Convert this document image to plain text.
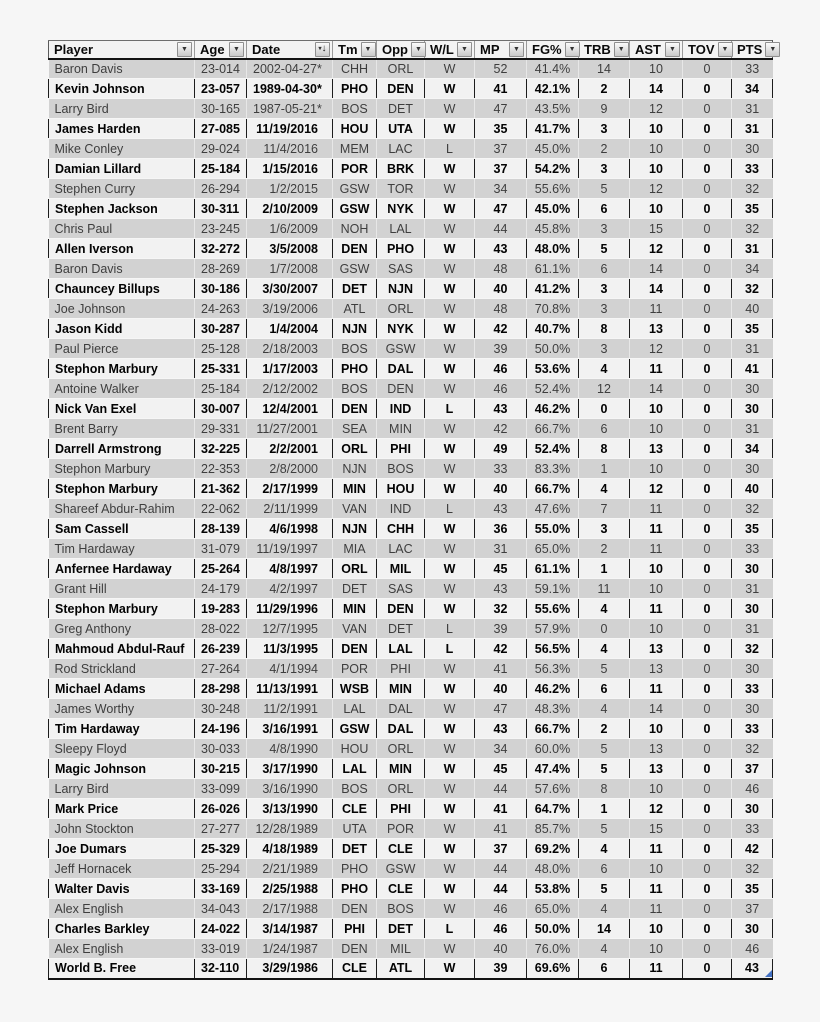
Player ▼	Age ▼	Date ▾ ↓	Tm ▼	Opp ▼	W/L ▼	MP ▼	FG% ▼	TRB ▼	AST ▼	TOV ▼	PTS ▼

Baron Davis	23-014	2002-04-27*	CHH	ORL	W	52	41.4%	14	10	0	33
Kevin Johnson	23-057	1989-04-30*	PHO	DEN	W	41	42.1%	2	14	0	34
Larry Bird	30-165	1987-05-21*	BOS	DET	W	47	43.5%	9	12	0	31
James Harden	27-085	11/19/2016	HOU	UTA	W	35	41.7%	3	10	0	31
Mike Conley	29-024	11/4/2016	MEM	LAC	L	37	45.0%	2	10	0	30
Damian Lillard	25-184	1/15/2016	POR	BRK	W	37	54.2%	3	10	0	33
Stephen Curry	26-294	1/2/2015	GSW	TOR	W	34	55.6%	5	12	0	32
Stephen Jackson	30-311	2/10/2009	GSW	NYK	W	47	45.0%	6	10	0	35
Chris Paul	23-245	1/6/2009	NOH	LAL	W	44	45.8%	3	15	0	32
Allen Iverson	32-272	3/5/2008	DEN	PHO	W	43	48.0%	5	12	0	31
Baron Davis	28-269	1/7/2008	GSW	SAS	W	48	61.1%	6	14	0	34
Chauncey Billups	30-186	3/30/2007	DET	NJN	W	40	41.2%	3	14	0	32
Joe Johnson	24-263	3/19/2006	ATL	ORL	W	48	70.8%	3	11	0	40
Jason Kidd	30-287	1/4/2004	NJN	NYK	W	42	40.7%	8	13	0	35
Paul Pierce	25-128	2/18/2003	BOS	GSW	W	39	50.0%	3	12	0	31
Stephon Marbury	25-331	1/17/2003	PHO	DAL	W	46	53.6%	4	11	0	41
Antoine Walker	25-184	2/12/2002	BOS	DEN	W	46	52.4%	12	14	0	30
Nick Van Exel	30-007	12/4/2001	DEN	IND	L	43	46.2%	0	10	0	30
Brent Barry	29-331	11/27/2001	SEA	MIN	W	42	66.7%	6	10	0	31
Darrell Armstrong	32-225	2/2/2001	ORL	PHI	W	49	52.4%	8	13	0	34
Stephon Marbury	22-353	2/8/2000	NJN	BOS	W	33	83.3%	1	10	0	30
Stephon Marbury	21-362	2/17/1999	MIN	HOU	W	40	66.7%	4	12	0	40
Shareef Abdur-Rahim	22-062	2/11/1999	VAN	IND	L	43	47.6%	7	11	0	32
Sam Cassell	28-139	4/6/1998	NJN	CHH	W	36	55.0%	3	11	0	35
Tim Hardaway	31-079	11/19/1997	MIA	LAC	W	31	65.0%	2	11	0	33
Anfernee Hardaway	25-264	4/8/1997	ORL	MIL	W	45	61.1%	1	10	0	30
Grant Hill	24-179	4/2/1997	DET	SAS	W	43	59.1%	11	10	0	31
Stephon Marbury	19-283	11/29/1996	MIN	DEN	W	32	55.6%	4	11	0	30
Greg Anthony	28-022	12/7/1995	VAN	DET	L	39	57.9%	0	10	0	31
Mahmoud Abdul-Rauf	26-239	11/3/1995	DEN	LAL	L	42	56.5%	4	13	0	32
Rod Strickland	27-264	4/1/1994	POR	PHI	W	41	56.3%	5	13	0	30
Michael Adams	28-298	11/13/1991	WSB	MIN	W	40	46.2%	6	11	0	33
James Worthy	30-248	11/2/1991	LAL	DAL	W	47	48.3%	4	14	0	30
Tim Hardaway	24-196	3/16/1991	GSW	DAL	W	43	66.7%	2	10	0	33
Sleepy Floyd	30-033	4/8/1990	HOU	ORL	W	34	60.0%	5	13	0	32
Magic Johnson	30-215	3/17/1990	LAL	MIN	W	45	47.4%	5	13	0	37
Larry Bird	33-099	3/16/1990	BOS	ORL	W	44	57.6%	8	10	0	46
Mark Price	26-026	3/13/1990	CLE	PHI	W	41	64.7%	1	12	0	30
John Stockton	27-277	12/28/1989	UTA	POR	W	41	85.7%	5	15	0	33
Joe Dumars	25-329	4/18/1989	DET	CLE	W	37	69.2%	4	11	0	42
Jeff Hornacek	25-294	2/21/1989	PHO	GSW	W	44	48.0%	6	10	0	32
Walter Davis	33-169	2/25/1988	PHO	CLE	W	44	53.8%	5	11	0	35
Alex English	34-043	2/17/1988	DEN	BOS	W	46	65.0%	4	11	0	37
Charles Barkley	24-022	3/14/1987	PHI	DET	L	46	50.0%	14	10	0	30
Alex English	33-019	1/24/1987	DEN	MIL	W	40	76.0%	4	10	0	46
World B. Free	32-110	3/29/1986	CLE	ATL	W	39	69.6%	6	11	0	43
